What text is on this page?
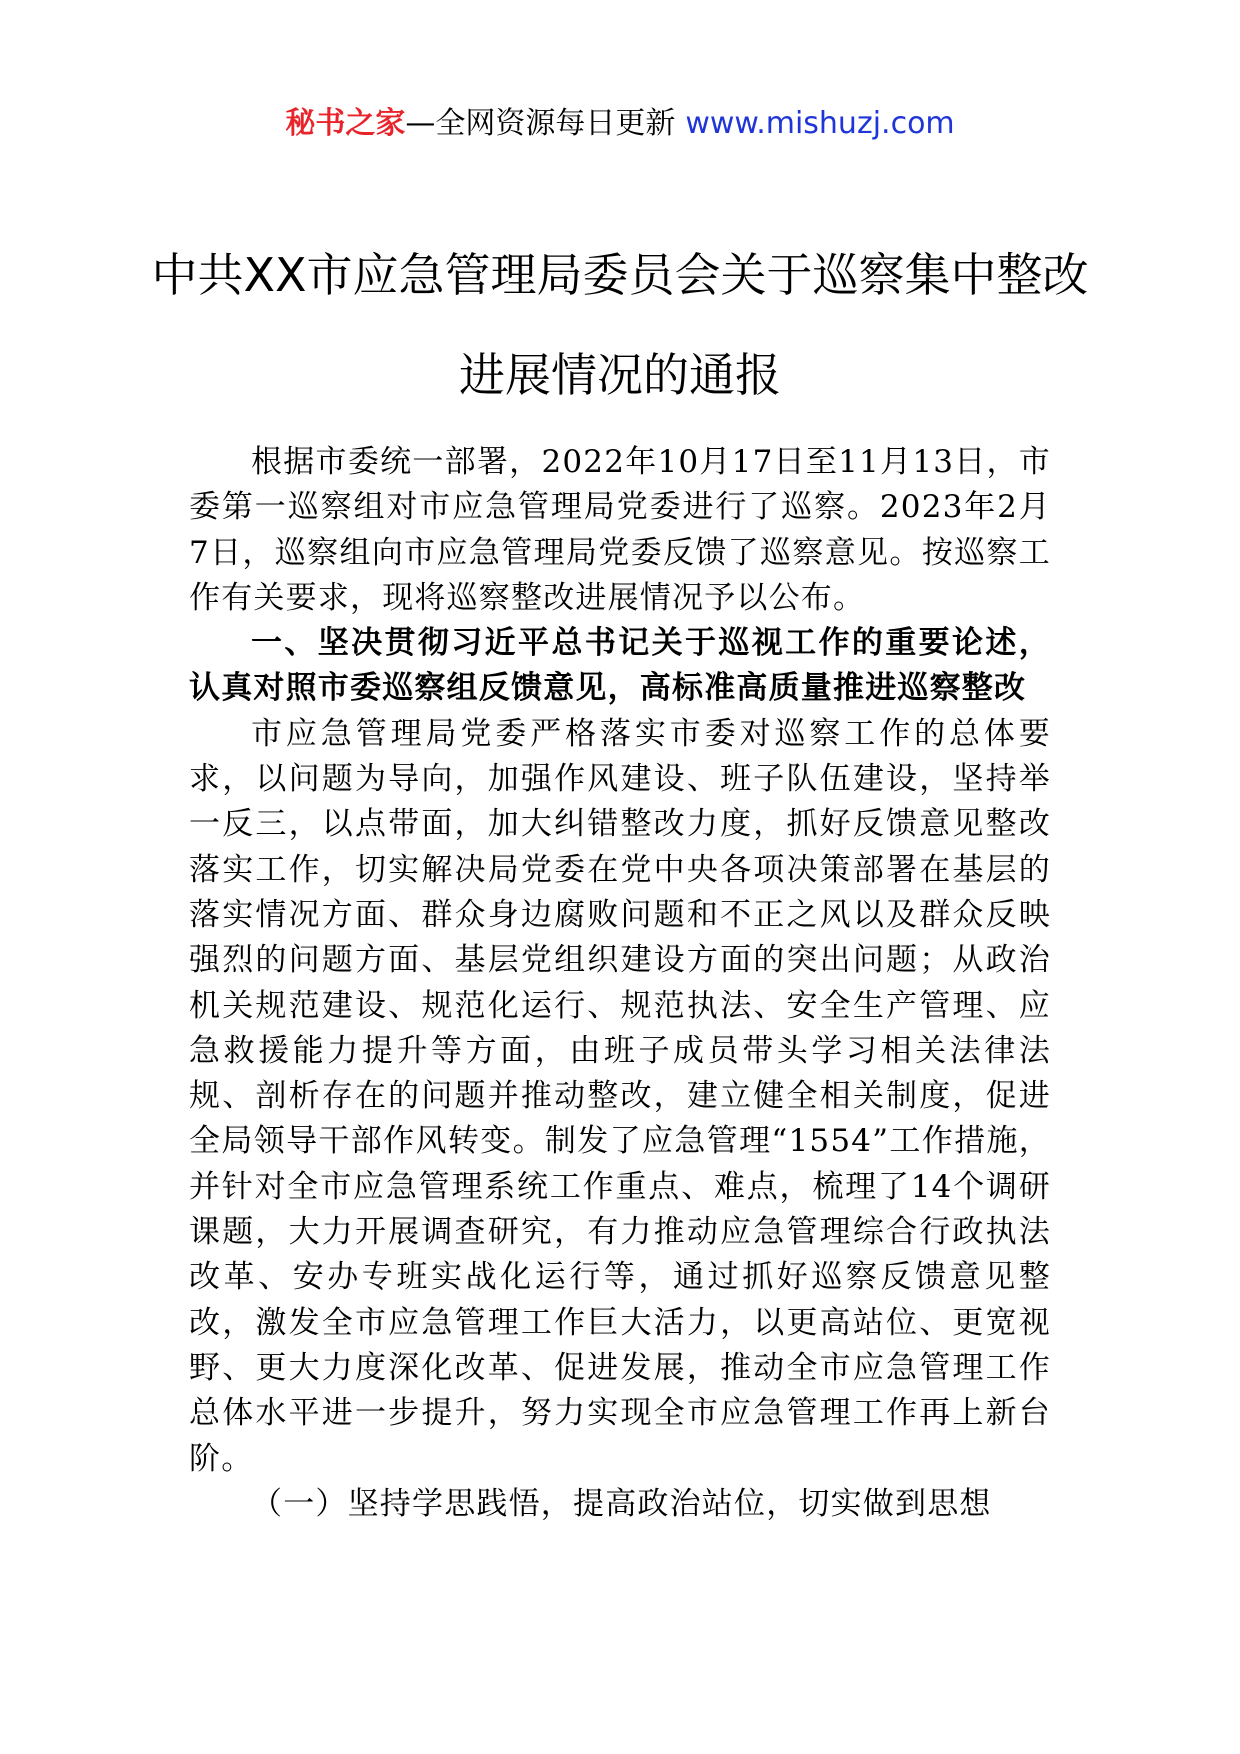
秘书之家—全网资源每日更新 www.mishuzj.com
中共XX市应急管理局委员会关于巡察集中整改进展情况的通报

根据市委统一部署，2022年10月17日至11月13日，市委第一巡察组对市应急管理局党委进行了巡察。2023年2月7日，巡察组向市应急管理局党委反馈了巡察意见。按巡察工作有关要求，现将巡察整改进展情况予以公布。

一、坚决贯彻习近平总书记关于巡视工作的重要论述，认真对照市委巡察组反馈意见，高标准高质量推进巡察整改

市应急管理局党委严格落实市委对巡察工作的总体要求，以问题为导向，加强作风建设、班子队伍建设，坚持举一反三，以点带面，加大纠错整改力度，抓好反馈意见整改落实工作，切实解决局党委在党中央各项决策部署在基层的落实情况方面、群众身边腐败问题和不正之风以及群众反映强烈的问题方面、基层党组织建设方面的突出问题；从政治机关规范建设、规范化运行、规范执法、安全生产管理、应急救援能力提升等方面，由班子成员带头学习相关法律法规、剖析存在的问题并推动整改，建立健全相关制度，促进全局领导干部作风转变。制发了应急管理“1554”工作措施，并针对全市应急管理系统工作重点、难点，梳理了14个调研课题，大力开展调查研究，有力推动应急管理综合行政执法改革、安办专班实战化运行等，通过抓好巡察反馈意见整改，激发全市应急管理工作巨大活力，以更高站位、更宽视野、更大力度深化改革、促进发展，推动全市应急管理工作总体水平进一步提升，努力实现全市应急管理工作再上新台阶。

（一）坚持学思践悟，提高政治站位，切实做到思想
